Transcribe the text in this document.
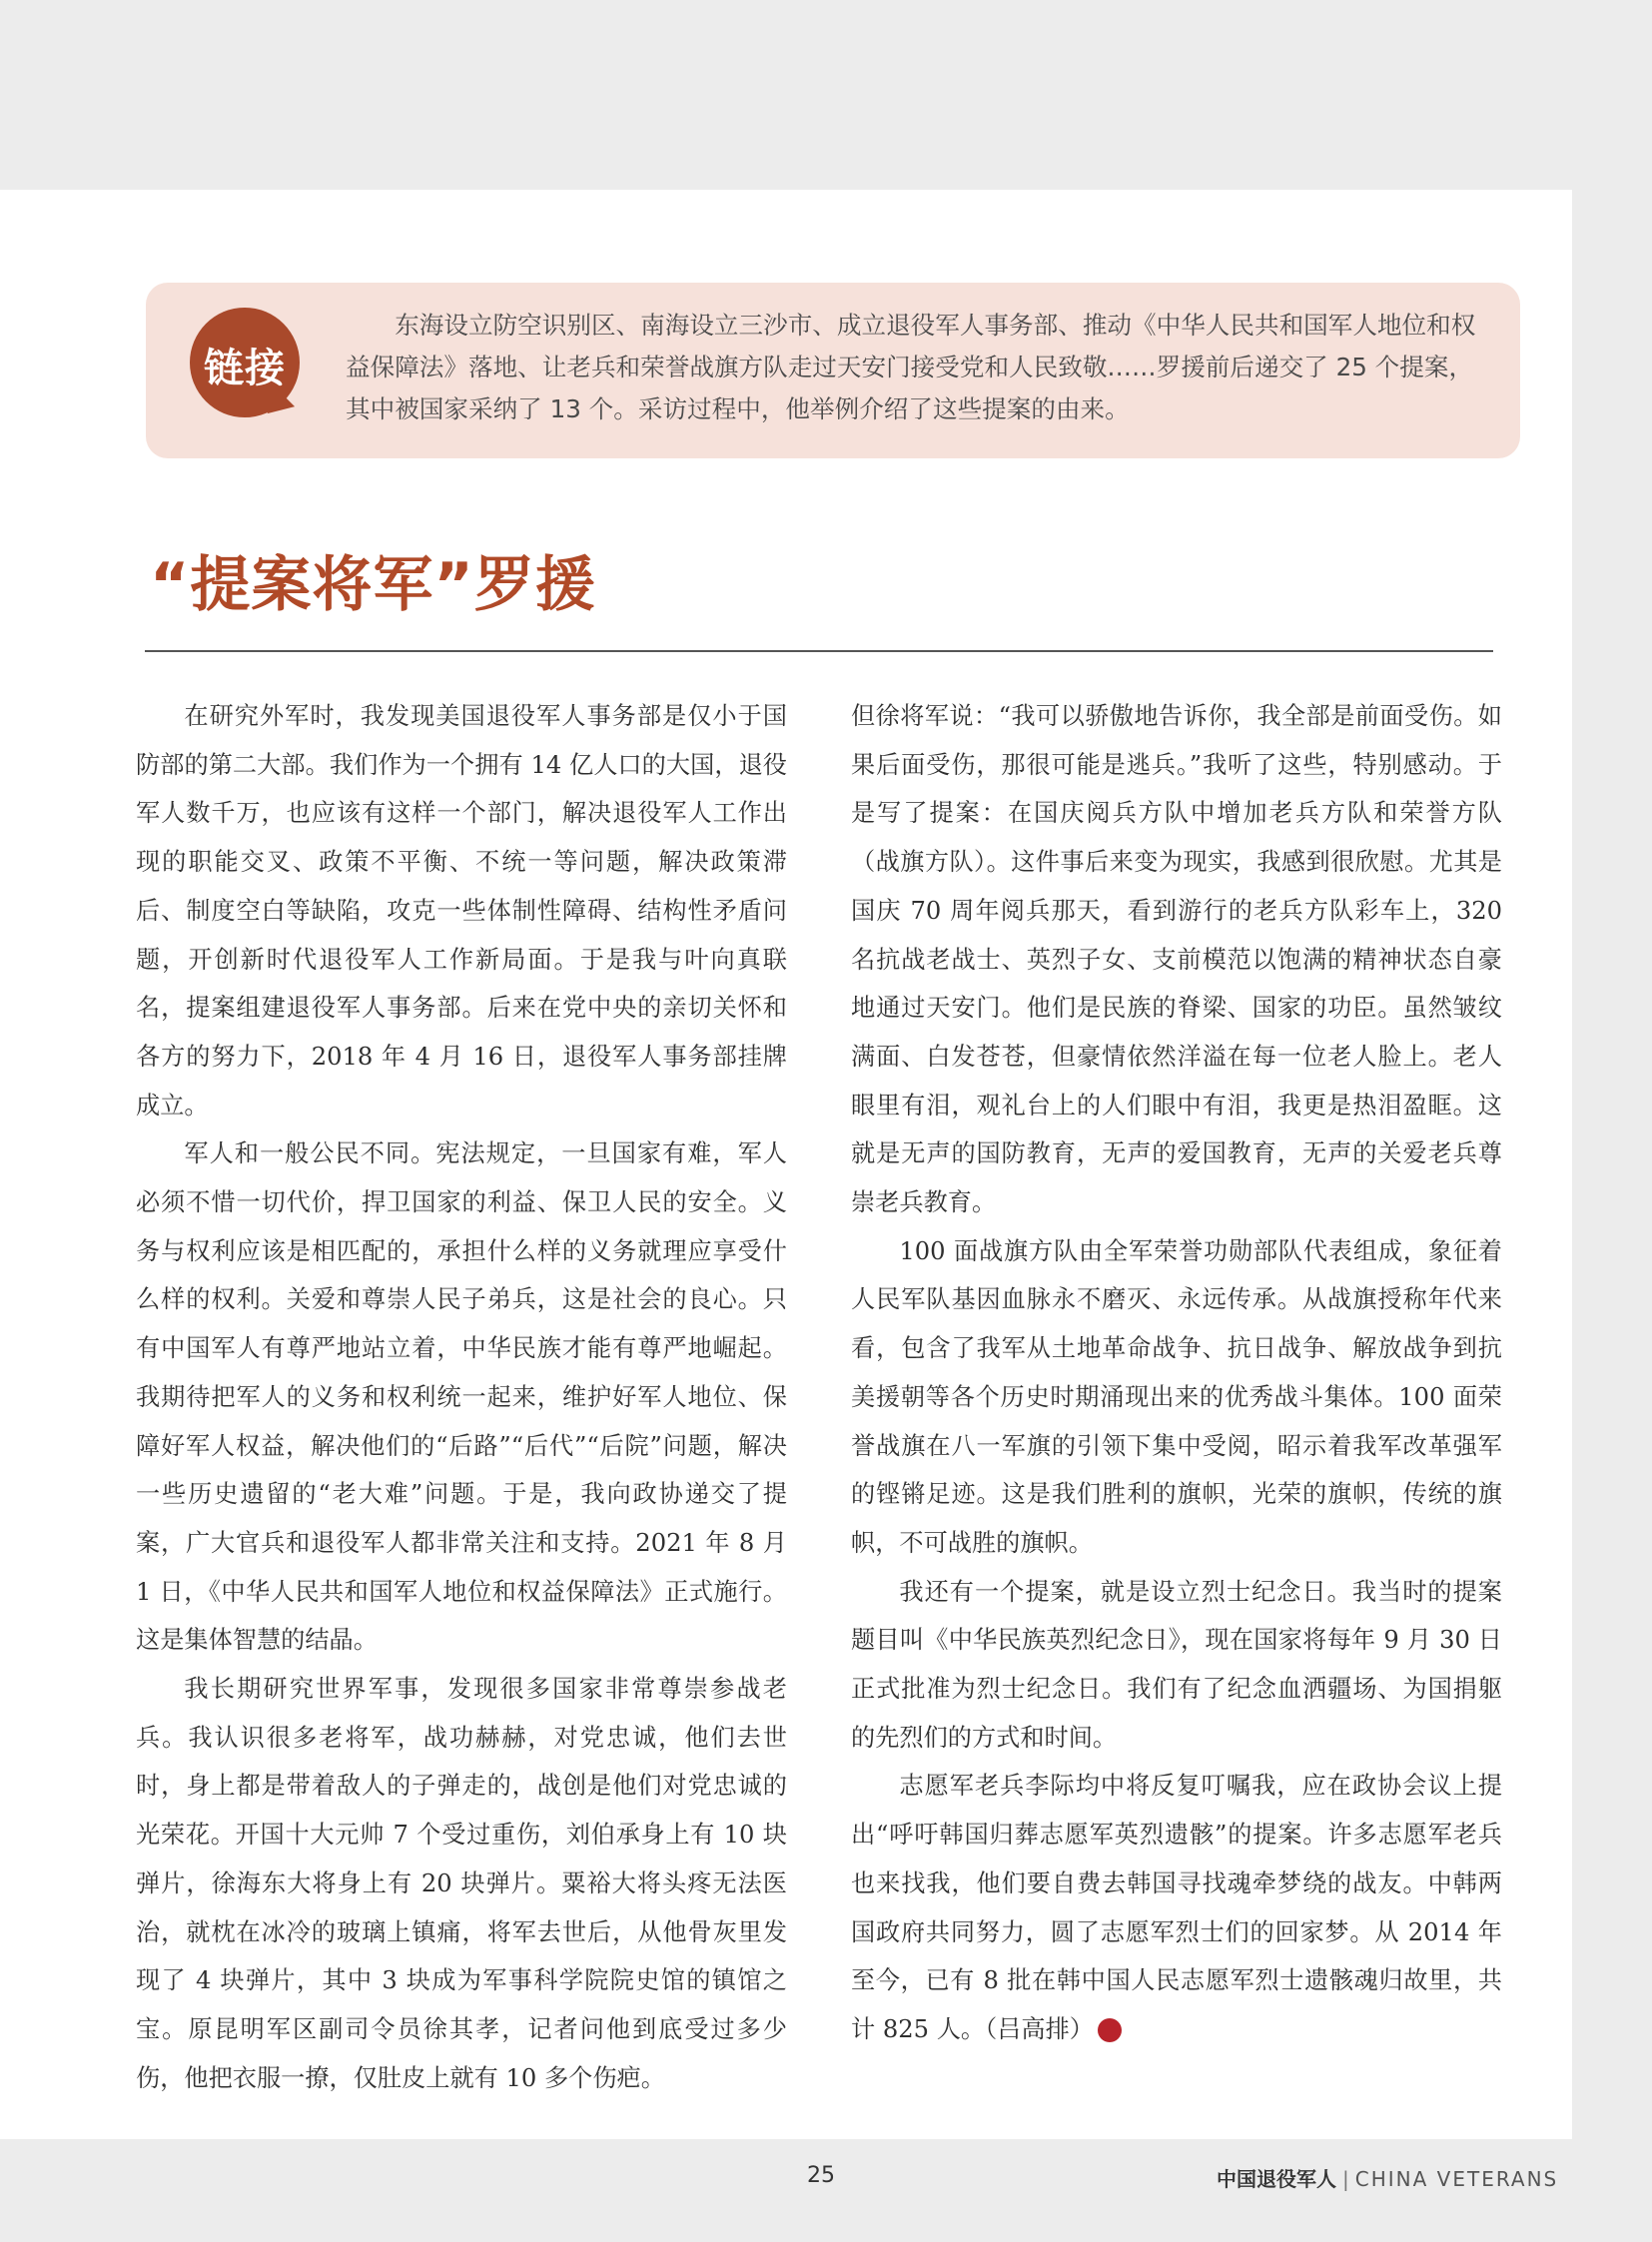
链接

东海设立防空识别区、南海设立三沙市、成立退役军人事务部、推动《中华人民共和国军人地位和权益保障法》落地、让老兵和荣誉战旗方队走过天安门接受党和人民致敬……罗援前后递交了 25 个提案，其中被国家采纳了 13 个。采访过程中，他举例介绍了这些提案的由来。

“提案将军”罗援

在研究外军时，我发现美国退役军人事务部是仅小于国防部的第二大部。我们作为一个拥有 14 亿人口的大国，退役军人数千万，也应该有这样一个部门，解决退役军人工作出现的职能交叉、政策不平衡、不统一等问题，解决政策滞后、制度空白等缺陷，攻克一些体制性障碍、结构性矛盾问题，开创新时代退役军人工作新局面。于是我与叶向真联名，提案组建退役军人事务部。后来在党中央的亲切关怀和各方的努力下，2018 年 4 月 16 日，退役军人事务部挂牌成立。

军人和一般公民不同。宪法规定，一旦国家有难，军人必须不惜一切代价，捍卫国家的利益、保卫人民的安全。义务与权利应该是相匹配的，承担什么样的义务就理应享受什么样的权利。关爱和尊崇人民子弟兵，这是社会的良心。只有中国军人有尊严地站立着，中华民族才能有尊严地崛起。我期待把军人的义务和权利统一起来，维护好军人地位、保障好军人权益，解决他们的“后路”“后代”“后院”问题，解决一些历史遗留的“老大难”问题。于是，我向政协递交了提案，广大官兵和退役军人都非常关注和支持。2021 年 8 月 1 日，《中华人民共和国军人地位和权益保障法》正式施行。这是集体智慧的结晶。

我长期研究世界军事，发现很多国家非常尊崇参战老兵。我认识很多老将军，战功赫赫，对党忠诚，他们去世时，身上都是带着敌人的子弹走的，战创是他们对党忠诚的光荣花。开国十大元帅 7 个受过重伤，刘伯承身上有 10 块弹片，徐海东大将身上有 20 块弹片。粟裕大将头疼无法医治，就枕在冰冷的玻璃上镇痛，将军去世后，从他骨灰里发现了 4 块弹片，其中 3 块成为军事科学院院史馆的镇馆之宝。原昆明军区副司令员徐其孝，记者问他到底受过多少伤，他把衣服一撩，仅肚皮上就有 10 多个伤疤。

但徐将军说：“我可以骄傲地告诉你，我全部是前面受伤。如果后面受伤，那很可能是逃兵。”我听了这些，特别感动。于是写了提案：在国庆阅兵方队中增加老兵方队和荣誉方队（战旗方队）。这件事后来变为现实，我感到很欣慰。尤其是国庆 70 周年阅兵那天，看到游行的老兵方队彩车上，320 名抗战老战士、英烈子女、支前模范以饱满的精神状态自豪地通过天安门。他们是民族的脊梁、国家的功臣。虽然皱纹满面、白发苍苍，但豪情依然洋溢在每一位老人脸上。老人眼里有泪，观礼台上的人们眼中有泪，我更是热泪盈眶。这就是无声的国防教育，无声的爱国教育，无声的关爱老兵尊崇老兵教育。

100 面战旗方队由全军荣誉功勋部队代表组成，象征着人民军队基因血脉永不磨灭、永远传承。从战旗授称年代来看，包含了我军从土地革命战争、抗日战争、解放战争到抗美援朝等各个历史时期涌现出来的优秀战斗集体。100 面荣誉战旗在八一军旗的引领下集中受阅，昭示着我军改革强军的铿锵足迹。这是我们胜利的旗帜，光荣的旗帜，传统的旗帜，不可战胜的旗帜。

我还有一个提案，就是设立烈士纪念日。我当时的提案题目叫《中华民族英烈纪念日》，现在国家将每年 9 月 30 日正式批准为烈士纪念日。我们有了纪念血洒疆场、为国捐躯的先烈们的方式和时间。

志愿军老兵李际均中将反复叮嘱我，应在政协会议上提出“呼吁韩国归葬志愿军英烈遗骸”的提案。许多志愿军老兵也来找我，他们要自费去韩国寻找魂牵梦绕的战友。中韩两国政府共同努力，圆了志愿军烈士们的回家梦。从 2014 年至今，已有 8 批在韩中国人民志愿军烈士遗骸魂归故里，共计 825 人。（吕高排）	V

25	中国退役军人 | CHINA VETERANS
